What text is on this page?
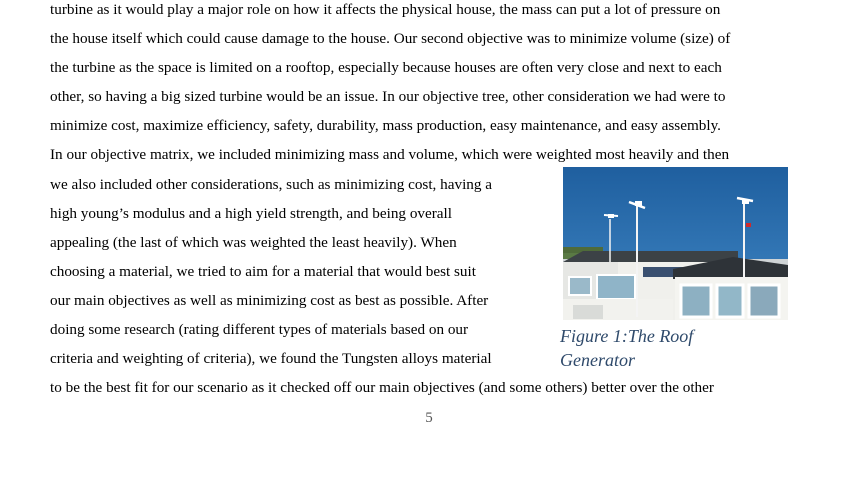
turbine as it would play a major role on how it affects the physical house, the mass can put a lot of pressure on

the house itself which could cause damage to the house. Our second objective was to minimize volume (size) of

the turbine as the space is limited on a rooftop, especially because houses are often very close and next to each

other, so having a big sized turbine would be an issue. In our objective tree, other consideration we had were to

minimize cost, maximize efficiency, safety, durability, mass production, easy maintenance, and easy assembly.

In our objective matrix, we included minimizing mass and volume, which were weighted most heavily and then

we also included other considerations, such as minimizing cost, having a

high young’s modulus and a high yield strength, and being overall

appealing (the last of which was weighted the least heavily). When

choosing a material, we tried to aim for a material that would best suit

our main objectives as well as minimizing cost as best as possible. After

doing some research (rating different types of materials based on our

criteria and weighting of criteria), we found the Tungsten alloys material

to be the best fit for our scenario as it checked off our main objectives (and some others) better over the other

Figure 1:The Roof

Generator

5
